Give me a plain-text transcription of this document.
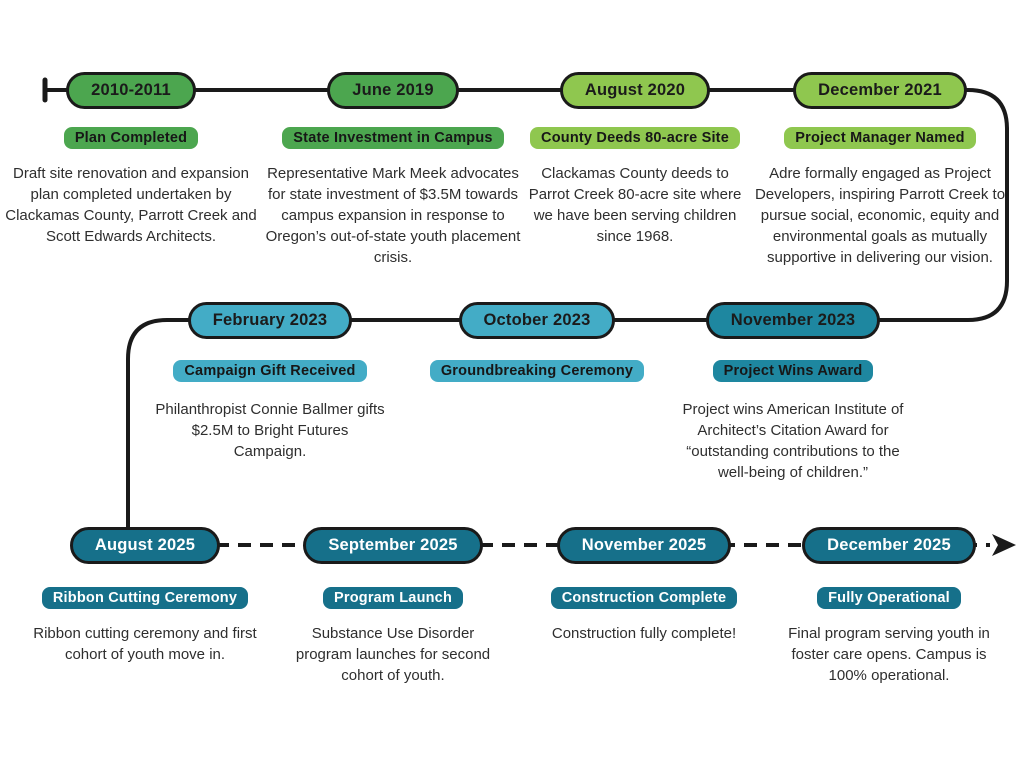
2010-2011
Plan Completed

Draft site renovation and expansion plan completed undertaken by Clackamas County, Parrott Creek and Scott Edwards Architects.

June 2019
State Investment in Campus

Representative Mark Meek advocates for state investment of $3.5M towards campus expansion in response to Oregon’s out-of-state youth placement crisis.

August 2020
County Deeds 80-acre Site

Clackamas County deeds to Parrot Creek 80-acre site where we have been serving children since 1968.

December 2021
Project Manager Named

Adre formally engaged as Project Developers, inspiring Parrott Creek to pursue social, economic, equity and environmental goals as mutually supportive in delivering our vision.

February 2023
Campaign Gift Received

Philanthropist Connie Ballmer gifts $2.5M to Bright Futures Campaign.

October 2023
Groundbreaking Ceremony

November 2023
Project Wins Award

Project wins American Institute of Architect’s Citation Award for “outstanding contributions to the well-being of children.”

August 2025
Ribbon Cutting Ceremony

Ribbon cutting ceremony and first cohort of youth move in.

September 2025
Program Launch

Substance Use Disorder program launches for second cohort of youth.

November 2025
Construction Complete

Construction fully complete!

December 2025
Fully Operational

Final program serving youth in foster care opens. Campus is 100% operational.
